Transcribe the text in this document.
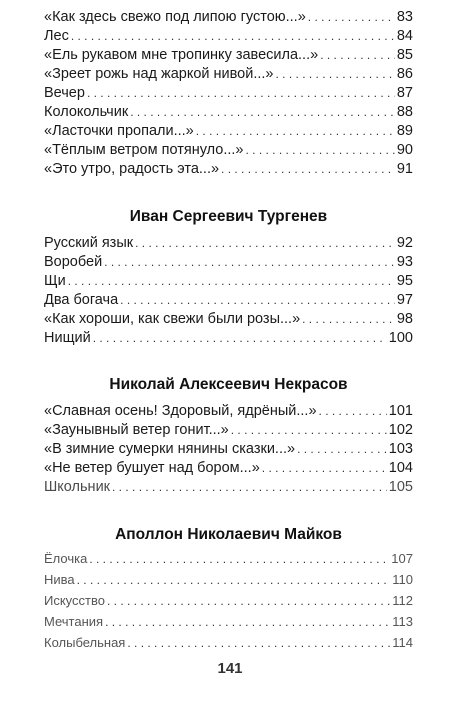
«Как здесь свежо под липою густою...» . . .	83
Лес . . .	84
«Ель рукавом мне тропинку завесила...» . . .	85
«Зреет рожь над жаркой нивой...» . . .	86
Вечер . . .	87
Колокольчик . . .	88
«Ласточки пропали...» . . .	89
«Тёплым ветром потянуло...» . . .	90
«Это утро, радость эта...» . . .	91
Иван Сергеевич Тургенев
Русский язык . . .	92
Воробей . . .	93
Щи . . .	95
Два богача . . .	97
«Как хороши, как свежи были розы...» . . .	98
Нищий . . .	100
Николай Алексеевич Некрасов
«Славная осень! Здоровый, ядрёный...» . . .	101
«Заунывный ветер гонит...» . . .	102
«В зимние сумерки нянины сказки...» . . .	103
«Не ветер бушует над бором...» . . .	104
Школьник . . .	105
Аполлон Николаевич Майков
Ёлочка . . .	107
Нива . . .	110
Искусство . . .	112
Мечтания . . .	113
Колыбельная . . .	114
141
